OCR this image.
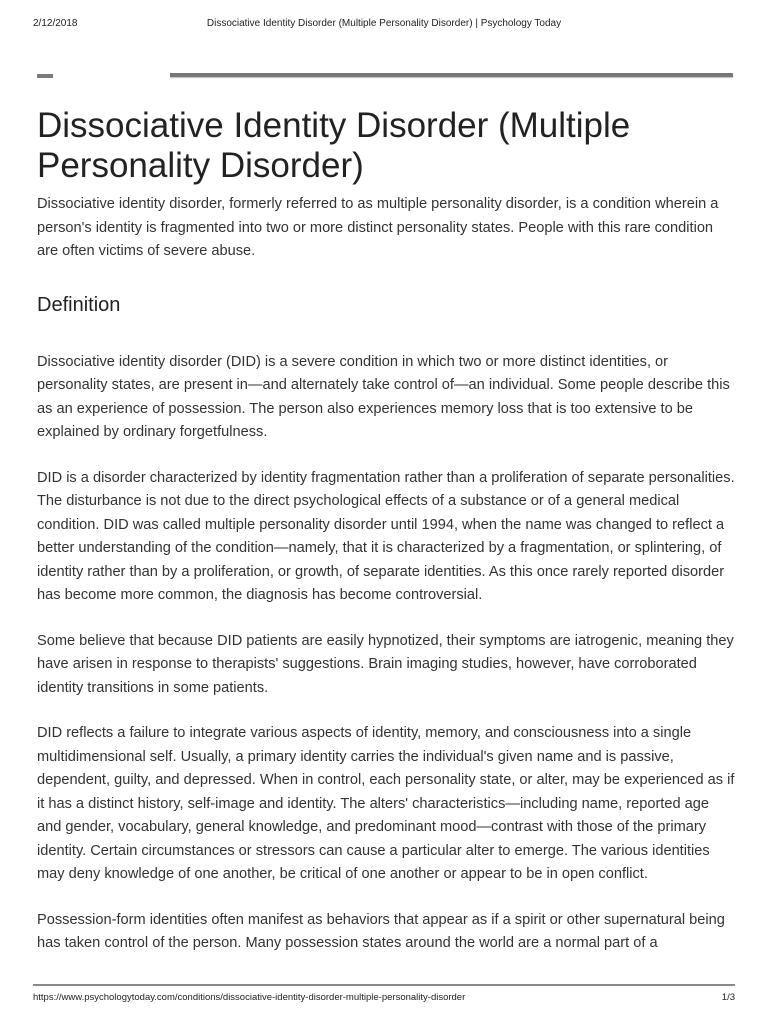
2/12/2018	Dissociative Identity Disorder (Multiple Personality Disorder) | Psychology Today
Dissociative Identity Disorder (Multiple Personality Disorder)

Dissociative identity disorder, formerly referred to as multiple personality disorder, is a condition wherein a person's identity is fragmented into two or more distinct personality states. People with this rare condition are often victims of severe abuse.

Definition

Dissociative identity disorder (DID) is a severe condition in which two or more distinct identities, or personality states, are present in—and alternately take control of—an individual. Some people describe this as an experience of possession. The person also experiences memory loss that is too extensive to be explained by ordinary forgetfulness.

DID is a disorder characterized by identity fragmentation rather than a proliferation of separate personalities. The disturbance is not due to the direct psychological effects of a substance or of a general medical condition. DID was called multiple personality disorder until 1994, when the name was changed to reflect a better understanding of the condition—namely, that it is characterized by a fragmentation, or splintering, of identity rather than by a proliferation, or growth, of separate identities. As this once rarely reported disorder has become more common, the diagnosis has become controversial.

Some believe that because DID patients are easily hypnotized, their symptoms are iatrogenic, meaning they have arisen in response to therapists' suggestions. Brain imaging studies, however, have corroborated identity transitions in some patients.

DID reflects a failure to integrate various aspects of identity, memory, and consciousness into a single multidimensional self. Usually, a primary identity carries the individual's given name and is passive, dependent, guilty, and depressed. When in control, each personality state, or alter, may be experienced as if it has a distinct history, self-image and identity. The alters' characteristics—including name, reported age and gender, vocabulary, general knowledge, and predominant mood—contrast with those of the primary identity. Certain circumstances or stressors can cause a particular alter to emerge. The various identities may deny knowledge of one another, be critical of one another or appear to be in open conflict.

Possession-form identities often manifest as behaviors that appear as if a spirit or other supernatural being has taken control of the person. Many possession states around the world are a normal part of a

https://www.psychologytoday.com/conditions/dissociative-identity-disorder-multiple-personality-disorder	1/3
